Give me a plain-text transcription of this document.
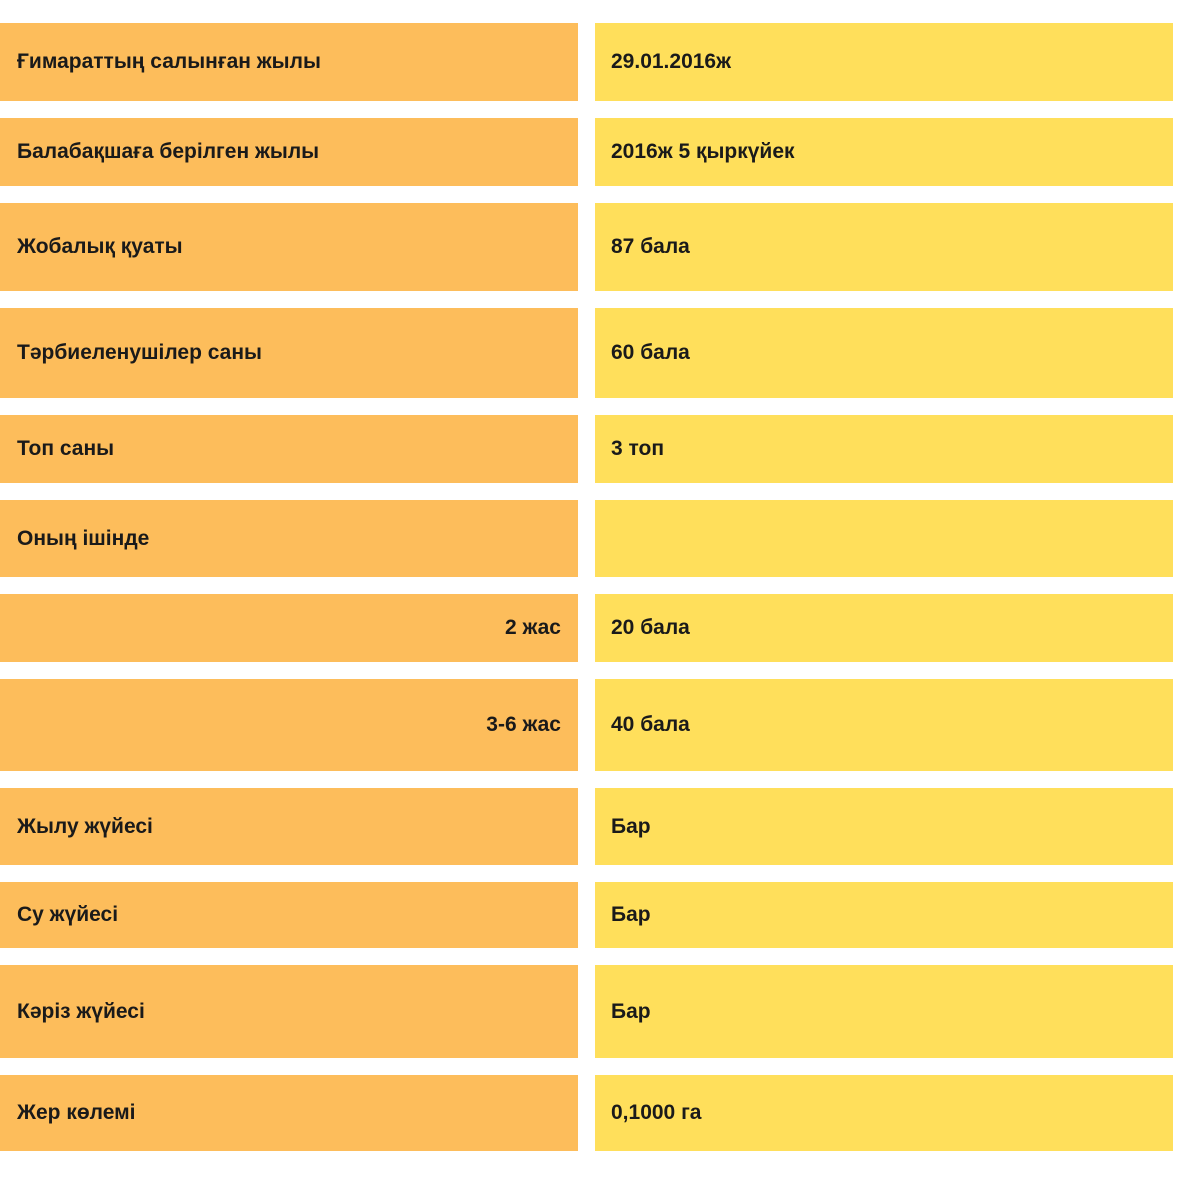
Ғимараттың салынған жылы	29.01.2016ж
Балабақшаға берілген жылы	2016ж 5 қыркүйек
Жобалық қуаты	87 бала
Тәрбиеленушілер саны	60 бала
Топ саны	3 топ
Оның ішінде
2 жас	20 бала
3-6 жас	40 бала
Жылу жүйесі	Бар
Су жүйесі	Бар
Кәріз жүйесі	Бар
Жер көлемі	0,1000 га
